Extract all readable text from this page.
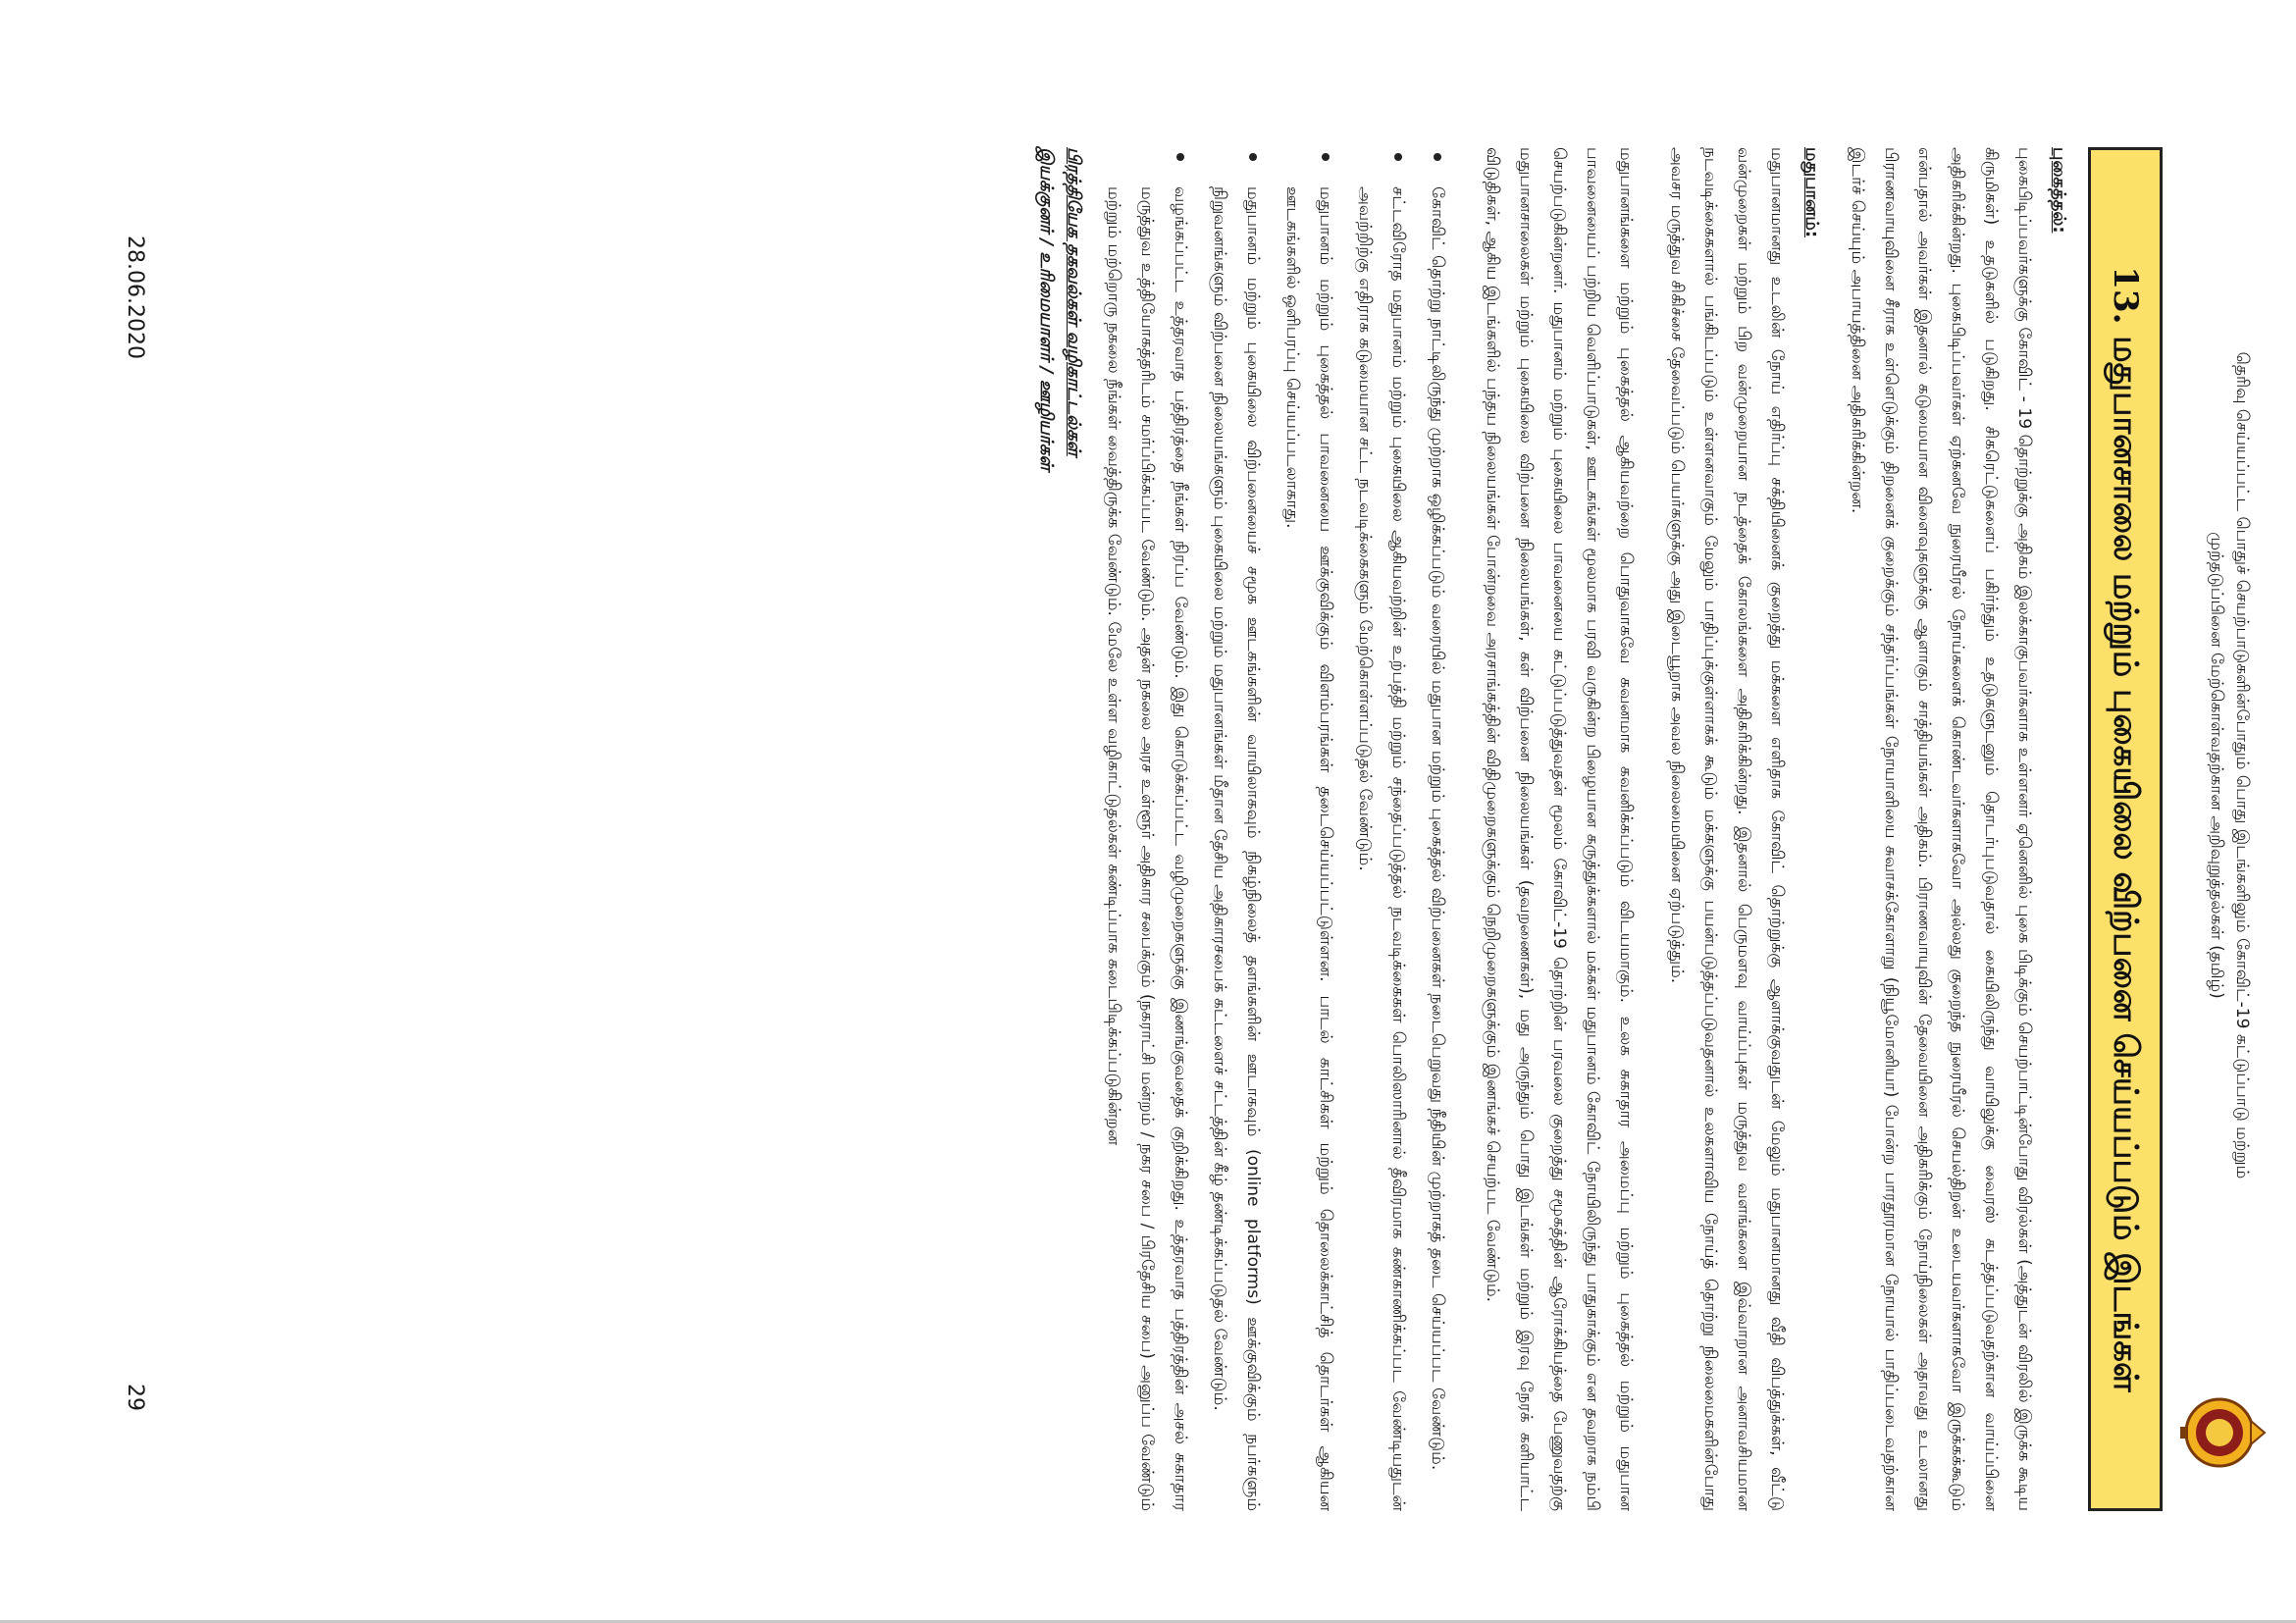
தெரிவு செய்யப்பட்ட பொதுச் செயற்பாடுகளின்போதும் பொது இடங்களிலும் கோவிட்-19 கட்டுப்பாடு மற்றும்
முற்தடுப்பினை மேற்கொள்வதற்கான அறிவுறுத்தல்கள் (தமிழ்)
13. மதுபானசாலை மற்றும் புகையிலை விற்பனை செய்யப்படும் இடங்கள்
புகைத்தல்:

புகைபிடிப்பவர்களுக்கு கோவிட் - 19 தொற்றுக்கு அதிகம் இலக்காகுபவர்களாக உள்ளனர் ஏனெனில் புகை பிடிக்கும் செயற்பாட்டின்போது விரல்கள் (அத்துடன் விரலில் இருக்க கூடிய கிருமிகள்) உதடுகளில் படுகிறது. சிகரெட்டுகளைப் பகிர்ந்தும் உதடுகளுடனும் தொடர்புபடுவதால் கையிலிருந்து வாயிலுக்கு வைரஸ் கடத்தப்படுவதற்கான வாய்ப்பினை அதிகரிக்கின்றது. புகைபிடிப்பவர்கள் ஏற்கனவே நுரையீரல் நோய்களைக் கொண்டவர்களாகவோ அல்லது குறைந்த நுரையீரல் செயல்திறன் உடையவர்களாகவோ இருக்கக்கூடும் என்பதால் அவர்கள் இதனால் கடுமையான விளைவுகளுக்கு ஆளாகும் சாத்தியங்கள் அதிகம். பிராணவாயுவின் தேவையினை அதிகரிக்கும் நோய்நிலைகள் அதாவது உடலானது பிராணவாயுவினை சீராக உள்ளெடுக்கும் திறனைக் குறைக்கும் சந்தர்ப்பங்கள் நோயாளியை சுவாசக்கோளாறு (நியூமோனியா) போன்ற பாரதூரமான நோயால் பாதிப்படைவதற்கான இடர்ச் செய்யும் அபாயத்தினை அதிகரிக்கின்றன.

மதுபானம்:

மதுபானமானது உடலின் நோய் எதிர்ப்பு சக்தியினைக் குறைத்து மக்களை எளிதாக கோவிட் தொற்றுக்கு ஆளாக்குவதுடன் மேலும் மதுபானமானது வீதி விபத்துக்கள், வீட்டு வன்முறைகள் மற்றும் பிற வன்முறையான நடத்தைக் கோலங்களை அதிகரிக்கின்றது. இதனால் பெருமளவு வாய்ப்புகள் மருத்துவ வளங்களை இவ்வாறான அனாவசியமான நடவடிக்கைகளால் பங்கிடப்படும் உள்ளனவாகும் மேலும் பாதிப்புக்குள்ளாகக் கூடும் மக்களுக்கு பயன்படுத்தப்படுவதனால் உலகளாவிய நோய்த் தொற்று நிலைமைகளின்போது அவசர மருத்துவ சிகிச்சை தேவைப்படும் பெயர்களுக்கு அது இடையூறாக அவல நிலைமையினை ஏற்படுத்தும்.

மதுபானங்களை மற்றும் புகைத்தல் ஆகியவற்றை பொதுவாகவே கவனமாக கவனிக்கப்படும் விடயமாகும். உலக சுகாதார அமைப்பு மற்றும் புகைத்தல் மற்றும் மதுபான பாவனையைப் பற்றிய வெளிப்பாடுகள், ஊடகங்கள் மூலமாக பரவி வருகின்ற பிழையான கருத்துக்களால் மக்கள் மதுபானம் கோவிட் நோயிலிருந்து பாதுகாக்கும் என தவறாக நம்பி செயற்படுகின்றனர். மதுபானம் மற்றும் புகையிலை பாவனையை கட்டுப்படுத்துவதன் மூலம் கோவிட்-19 தொற்றின் பரவலை குறைத்து சமூகத்தின் ஆரோக்கியத்தை பேணுவதற்கு மதுபானசாலைகள் மற்றும் புகையிலை விற்பனை நிலையங்கள், கள் விற்பனை நிலையங்கள் (தவறணைகள்), மது அருந்தும் பொது இடங்கள் மற்றும் இரவு நேரக் களியாட்ட விடுதிகள், ஆகிய இடங்களில் பந்தய நிலையங்கள் போன்றவை அரசாங்கத்தின் விதிமுறைகளுக்கும் நெறிமுறைகளுக்கும் இணங்கச் செயற்பட வேண்டும்.

கோவிட் தொற்று நாட்டிலிருந்து முற்றாக ஒழிக்கப்படும் வரையில் மதுபான மற்றும் புகைத்தல் விற்பனைகள் நடைபெறுவது நீதியின் முற்றாகத் தடை செய்யப்பட வேண்டும்.
சட்டவிரோத மதுபானம் மற்றும் புகையிலை ஆகியவற்றின் உற்பத்தி மற்றும் சந்தைப்படுத்தல் நடவடிக்கைகள் பொலிஸாரினால் தீவிரமாக கண்காணிக்கப்பட வேண்டியதுடன் அவற்றிற்கு எதிராக கடுமையான சட்ட நடவடிக்கைகளும் மேற்கொள்ளப்படுதல் வேண்டும்.
மதுபானம் மற்றும் புகைத்தல் பாவனையை ஊக்குவிக்கும் விளம்பரங்கள் தடைசெய்யப்பட்டுள்ளன. பாடல் காட்சிகள் மற்றும் தொலைக்காட்சித் தொடர்கள் ஆகியன ஊடகங்களில் ஒளிபரப்பு செய்யப்படலாகாது.
மதுபானம் மற்றும் புகையிலை விற்பனையைச் சமூக ஊடகங்களின் வாயிலாகவும் நிகழ்நிலைத் தளங்களின் ஊடாகவும் (online platforms) ஊக்குவிக்கும் நபர்களும் நிறுவனங்களும் விற்பனை நிலையங்களும் புகையிலை மற்றும் மதுபானங்கள் மீதான தேசிய அதிகாரசபைக் கட்டளைச் சட்டத்தின் கீழ் தண்டிக்கப்படுதல் வேண்டும்.
வழங்கப்பட்ட உத்தரவாத பத்திரத்தை நீங்கள் நிரப்ப வேண்டும். இது கொடுக்கப்பட்ட வழிமுறைகளுக்கு இணங்குவதைக் குறிக்கிறது. உத்தரவாத பத்திரத்தின் அசல் சுகாதார மருத்துவ உத்தியோகத்தரிடம் சமர்ப்பிக்கப்பட வேண்டும். அதன் நகலை அரச உள்ளூர் அதிகார சபைக்கும் (நகராட்சி மன்றம் / நகர சபை / பிரதேசிய சபை) அனுப்ப வேண்டும் மற்றும் மற்றொரு நகலை நீங்கள் வைத்திருக்க வேண்டும். மேலே உள்ள வழிகாட்டுதல்கள் கண்டிப்பாக கடைபிடிக்கப்படுகின்றன
பிரத்தியேக தகவல்கள் வழிகாட்டல்கள்
இயக்குனர் / உரிமையாளர் / ஊழியர்கள்
29
28.06.2020
